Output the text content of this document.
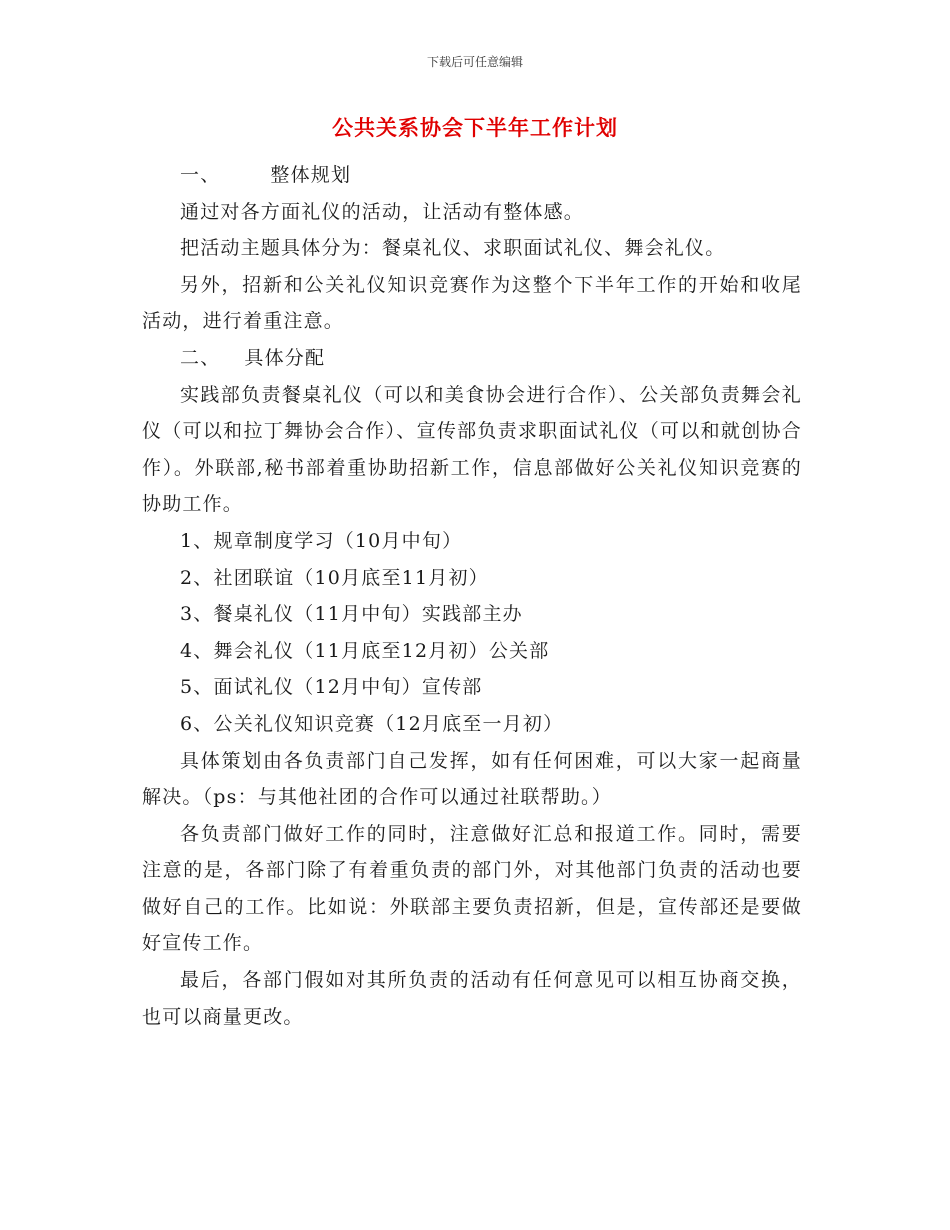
下载后可任意编辑
公共关系协会下半年工作计划

一、	整体规划

通过对各方面礼仪的活动，让活动有整体感。

把活动主题具体分为：餐桌礼仪、求职面试礼仪、舞会礼仪。

另外，招新和公关礼仪知识竞赛作为这整个下半年工作的开始和收尾活动，进行着重注意。

二、 具体分配

实践部负责餐桌礼仪（可以和美食协会进行合作）、公关部负责舞会礼仪（可以和拉丁舞协会合作）、宣传部负责求职面试礼仪（可以和就创协合作）。外联部,秘书部着重协助招新工作，信息部做好公关礼仪知识竞赛的协助工作。

1、规章制度学习（10月中旬）

2、社团联谊（10月底至11月初）

3、餐桌礼仪（11月中旬）实践部主办

4、舞会礼仪（11月底至12月初）公关部

5、面试礼仪（12月中旬）宣传部

6、公关礼仪知识竞赛（12月底至一月初）

具体策划由各负责部门自己发挥，如有任何困难，可以大家一起商量解决。（ps：与其他社团的合作可以通过社联帮助。）

各负责部门做好工作的同时，注意做好汇总和报道工作。同时，需要注意的是，各部门除了有着重负责的部门外，对其他部门负责的活动也要做好自己的工作。比如说：外联部主要负责招新，但是，宣传部还是要做好宣传工作。

最后，各部门假如对其所负责的活动有任何意见可以相互协商交换，也可以商量更改。
